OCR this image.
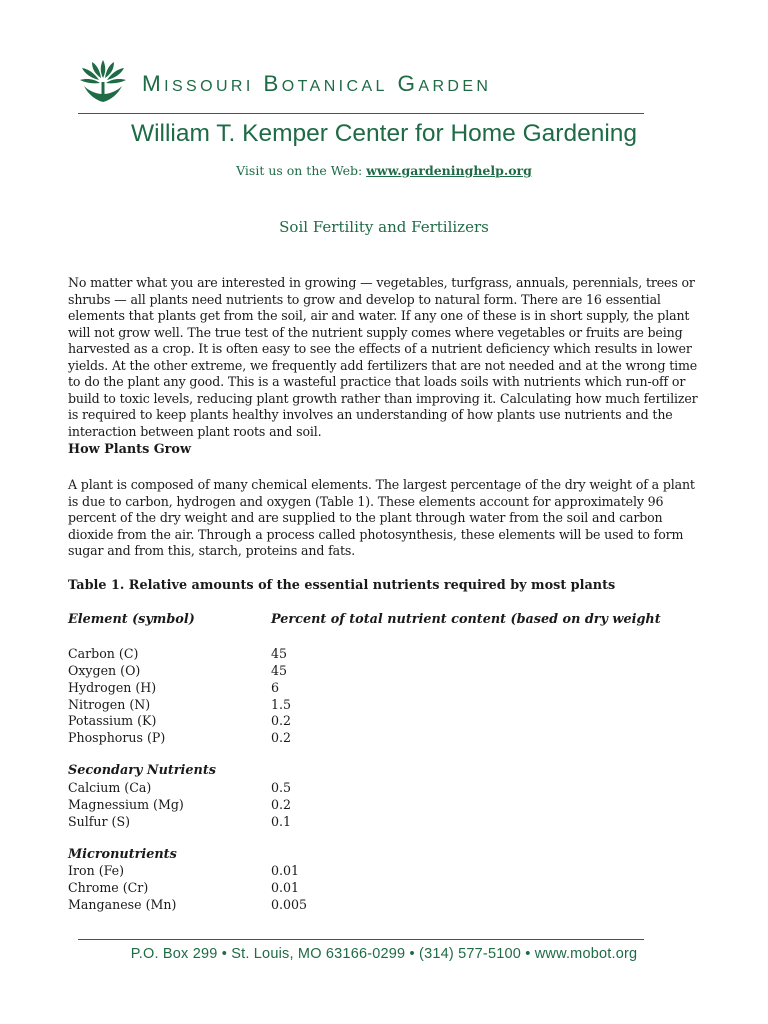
Missouri Botanical Garden
William T. Kemper Center for Home Gardening
Visit us on the Web: www.gardeninghelp.org
Soil Fertility and Fertilizers
No matter what you are interested in growing — vegetables, turfgrass, annuals, perennials, trees or shrubs — all plants need nutrients to grow and develop to natural form. There are 16 essential elements that plants get from the soil, air and water. If any one of these is in short supply, the plant will not grow well. The true test of the nutrient supply comes where vegetables or fruits are being harvested as a crop. It is often easy to see the effects of a nutrient deficiency which results in lower yields. At the other extreme, we frequently add fertilizers that are not needed and at the wrong time to do the plant any good. This is a wasteful practice that loads soils with nutrients which run-off or build to toxic levels, reducing plant growth rather than improving it. Calculating how much fertilizer is required to keep plants healthy involves an understanding of how plants use nutrients and the interaction between plant roots and soil.
How Plants Grow
A plant is composed of many chemical elements. The largest percentage of the dry weight of a plant is due to carbon, hydrogen and oxygen (Table 1). These elements account for approximately 96 percent of the dry weight and are supplied to the plant through water from the soil and carbon dioxide from the air. Through a process called photosynthesis, these elements will be used to form sugar and from this, starch, proteins and fats.
Table 1. Relative amounts of the essential nutrients required by most plants
Element (symbol)	Percent of total nutrient content (based on dry weight
Carbon (C)	45
Oxygen (O)	45
Hydrogen (H)	6
Nitrogen (N)	1.5
Potassium (K)	0.2
Phosphorus (P)	0.2
Secondary Nutrients
Calcium (Ca)	0.5
Magnessium (Mg)	0.2
Sulfur (S)	0.1
Micronutrients
Iron (Fe)	0.01
Chrome (Cr)	0.01
Manganese (Mn)	0.005
P.O. Box 299 • St. Louis, MO 63166-0299 • (314) 577-5100 • www.mobot.org
